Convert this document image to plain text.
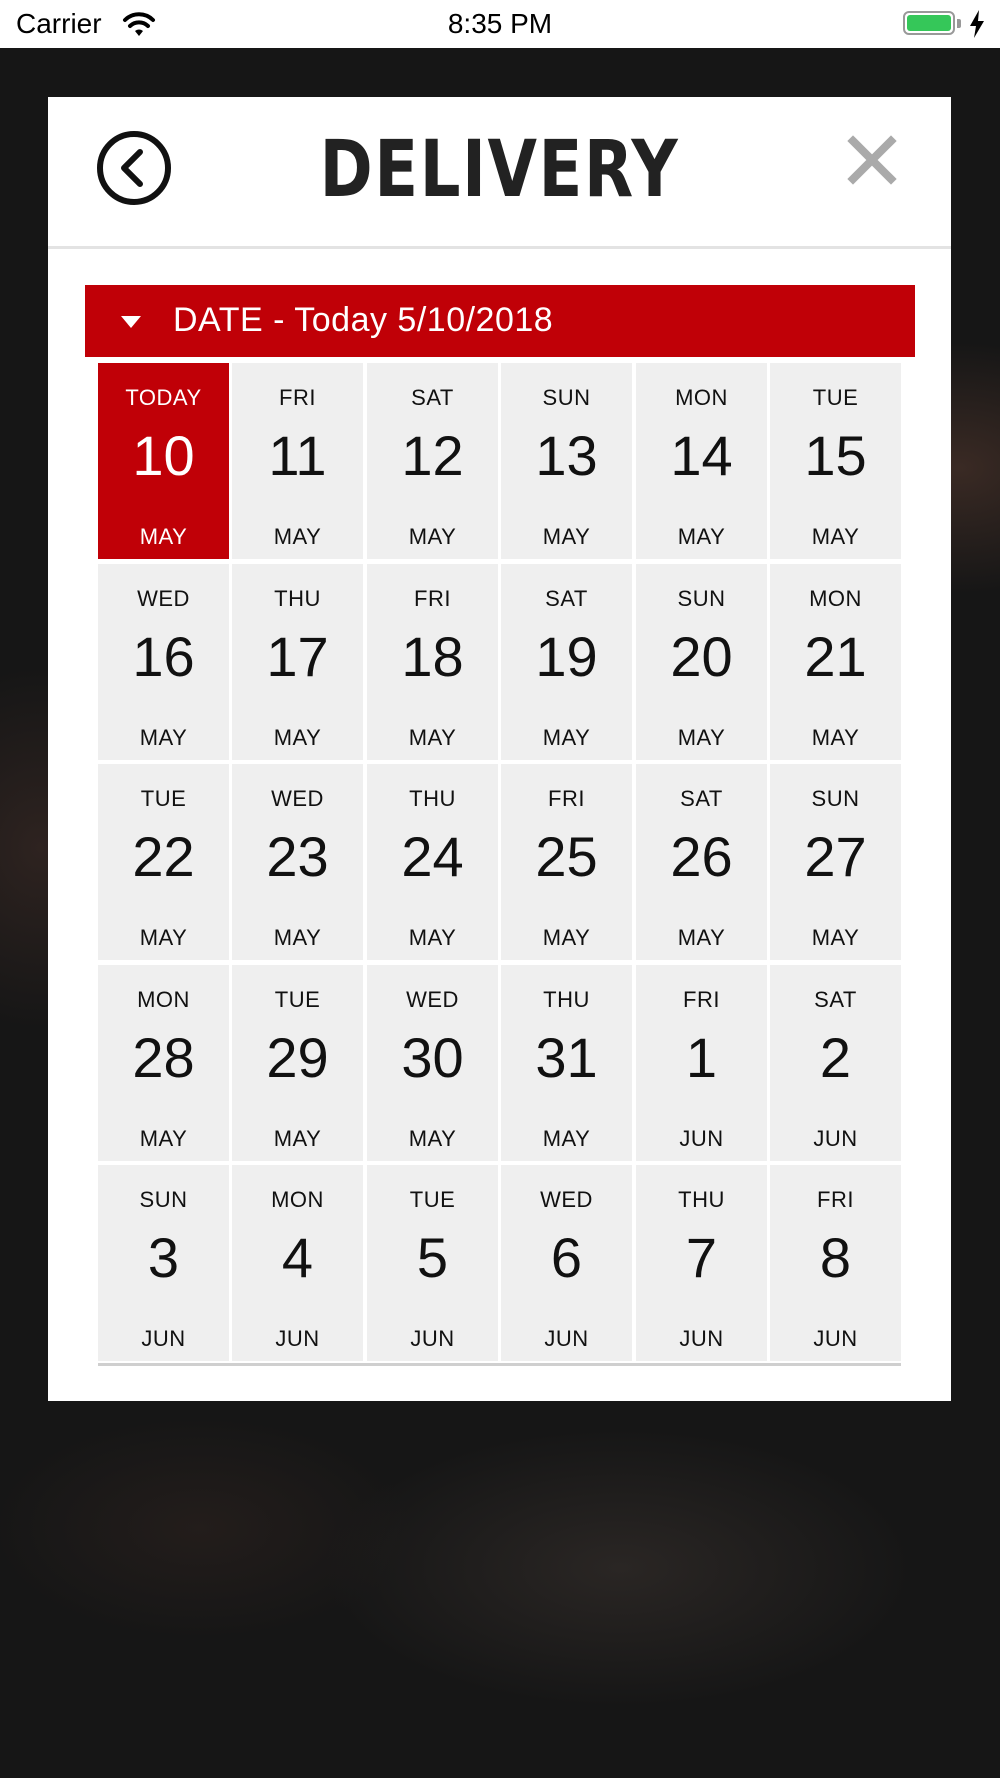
Carrier	8:35 PM
DELIVERY
DATE - Today 5/10/2018
TODAY
10
MAY
FRI
11
MAY
SAT
12
MAY
SUN
13
MAY
MON
14
MAY
TUE
15
MAY
WED
16
MAY
THU
17
MAY
FRI
18
MAY
SAT
19
MAY
SUN
20
MAY
MON
21
MAY
TUE
22
MAY
WED
23
MAY
THU
24
MAY
FRI
25
MAY
SAT
26
MAY
SUN
27
MAY
MON
28
MAY
TUE
29
MAY
WED
30
MAY
THU
31
MAY
FRI
1
JUN
SAT
2
JUN
SUN
3
JUN
MON
4
JUN
TUE
5
JUN
WED
6
JUN
THU
7
JUN
FRI
8
JUN
